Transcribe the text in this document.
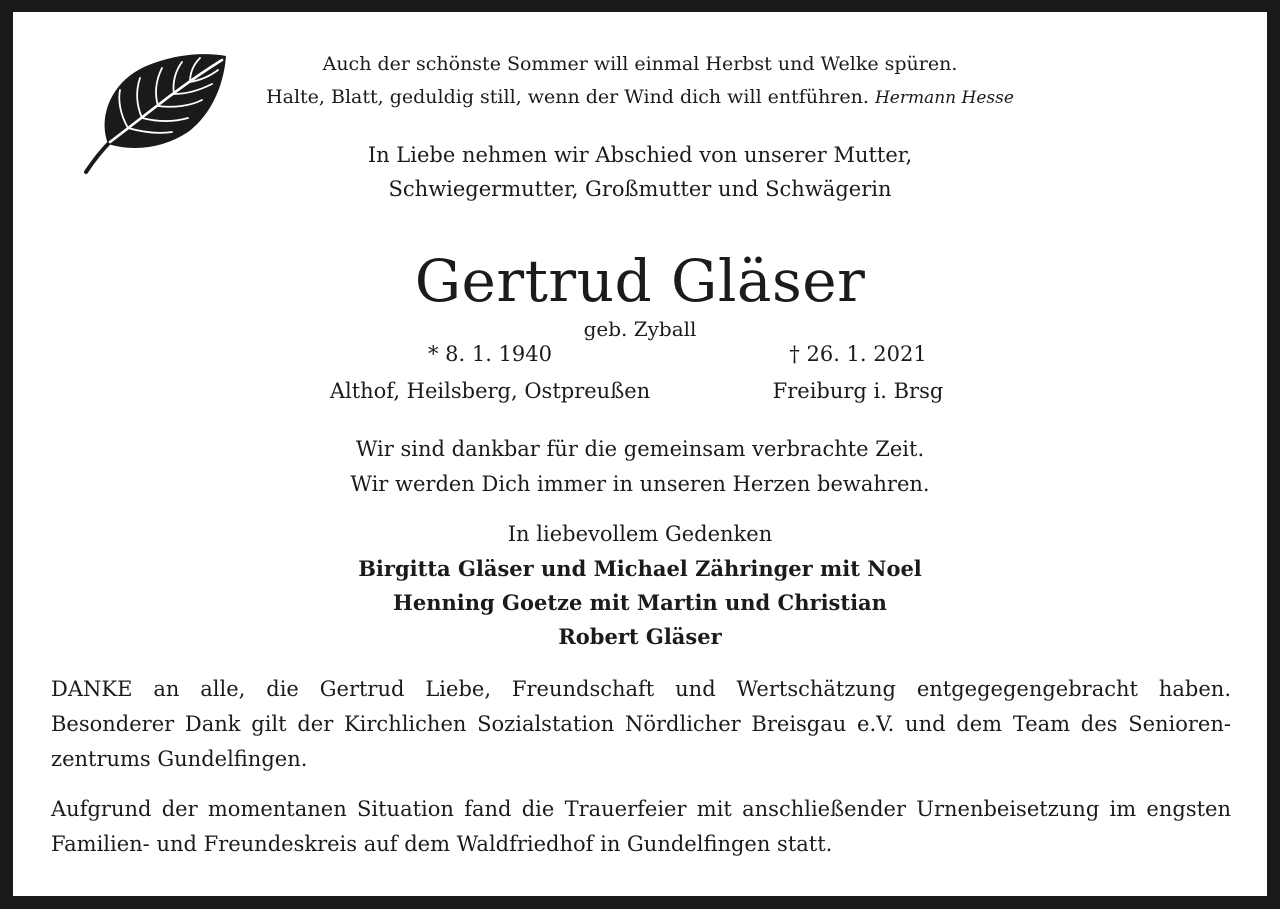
Auch der schönste Sommer will einmal Herbst und Welke spüren.
Halte, Blatt, geduldig still, wenn der Wind dich will entführen. Hermann Hesse
In Liebe nehmen wir Abschied von unserer Mutter,
Schwiegermutter, Großmutter und Schwägerin
Gertrud Gläser
geb. Zyball
* 8. 1. 1940
Althof, Heilsberg, Ostpreußen
† 26. 1. 2021
Freiburg i. Brsg
Wir sind dankbar für die gemeinsam verbrachte Zeit.
Wir werden Dich immer in unseren Herzen bewahren.
In liebevollem Gedenken
Birgitta Gläser und Michael Zähringer mit Noel
Henning Goetze mit Martin und Christian
Robert Gläser
DANKE an alle, die Gertrud Liebe, Freundschaft und Wertschätzung entgegegengebracht haben.
Besonderer Dank gilt der Kirchlichen Sozialstation Nördlicher Breisgau e.V. und dem Team des Senioren-
zentrums Gundelfingen.
Aufgrund der momentanen Situation fand die Trauerfeier mit anschließender Urnenbeisetzung im engsten
Familien- und Freundeskreis auf dem Waldfriedhof in Gundelfingen statt.
